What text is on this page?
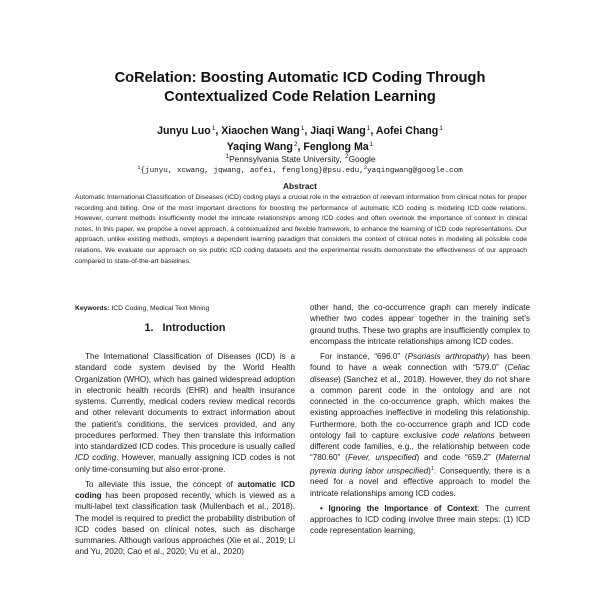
CoRelation: Boosting Automatic ICD Coding Through
Contextualized Code Relation Learning
Junyu Luo$^1$, Xiaochen Wang$^1$, Jiaqi Wang$^1$, Aofei Chang$^1$
Yaqing Wang$^2$, Fenglong Ma$^1$
$^1$Pennsylvania State University, $^2$Google
$^1${junyu, xcwang, jqwang, aofei, fenglong}@psu.edu,$^2$yaqingwang@google.com
Abstract
Automatic International Classification of Diseases (ICD) coding plays a crucial role in the extraction of relevant information from clinical notes for proper recording and billing. One of the most important directions for boosting the performance of automatic ICD coding is modeling ICD code relations. However, current methods insufficiently model the intricate relationships among ICD codes and often overlook the importance of context in clinical notes. In this paper, we propose a novel approach, a contextualized and flexible framework, to enhance the learning of ICD code representations. Our approach, unlike existing methods, employs a dependent learning paradigm that considers the context of clinical notes in modeling all possible code relations. We evaluate our approach on six public ICD coding datasets and the experimental results demonstrate the effectiveness of our approach compared to state-of-the-art baselines.
Keywords: ICD Coding, Medical Text Mining
1. Introduction

The International Classification of Diseases (ICD) is a standard code system devised by the World Health Organization (WHO), which has gained widespread adoption in electronic health records (EHR) and health insurance systems. Currently, medical coders review medical records and other relevant documents to extract information about the patient’s conditions, the services provided, and any procedures performed. They then translate this information into standardized ICD codes. This procedure is usually called ICD coding. However, manually assigning ICD codes is not only time-consuming but also error-prone.

To alleviate this issue, the concept of automatic ICD coding has been proposed recently, which is viewed as a multi-label text classification task (Mullenbach et al., 2018). The model is required to predict the probability distribution of ICD codes based on clinical notes, such as discharge summaries. Although various approaches (Xie et al., 2019; Li and Yu, 2020; Cao et al., 2020; Vu et al., 2020)

other hand, the co-occurrence graph can merely indicate whether two codes appear together in the training set’s ground truths. These two graphs are insufficiently complex to encompass the intricate relationships among ICD codes.

For instance, “696.0” (Psoriasis arthropathy) has been found to have a weak connection with “579.0” (Celiac disease) (Sanchez et al., 2018). However, they do not share a common parent code in the ontology and are not connected in the co-occurrence graph, which makes the existing approaches ineffective in modeling this relationship. Furthermore, both the co-occurrence graph and ICD code ontology fail to capture exclusive code relations between different code families, e.g., the relationship between code “780.60” (Fever, unspecified) and code “659.2” (Maternal pyrexia during labor unspecified)$^1$. Consequently, there is a need for a novel and effective approach to model the intricate relationships among ICD codes.

• Ignoring the Importance of Context: The current approaches to ICD coding involve three main steps: (1) ICD code representation learning,
